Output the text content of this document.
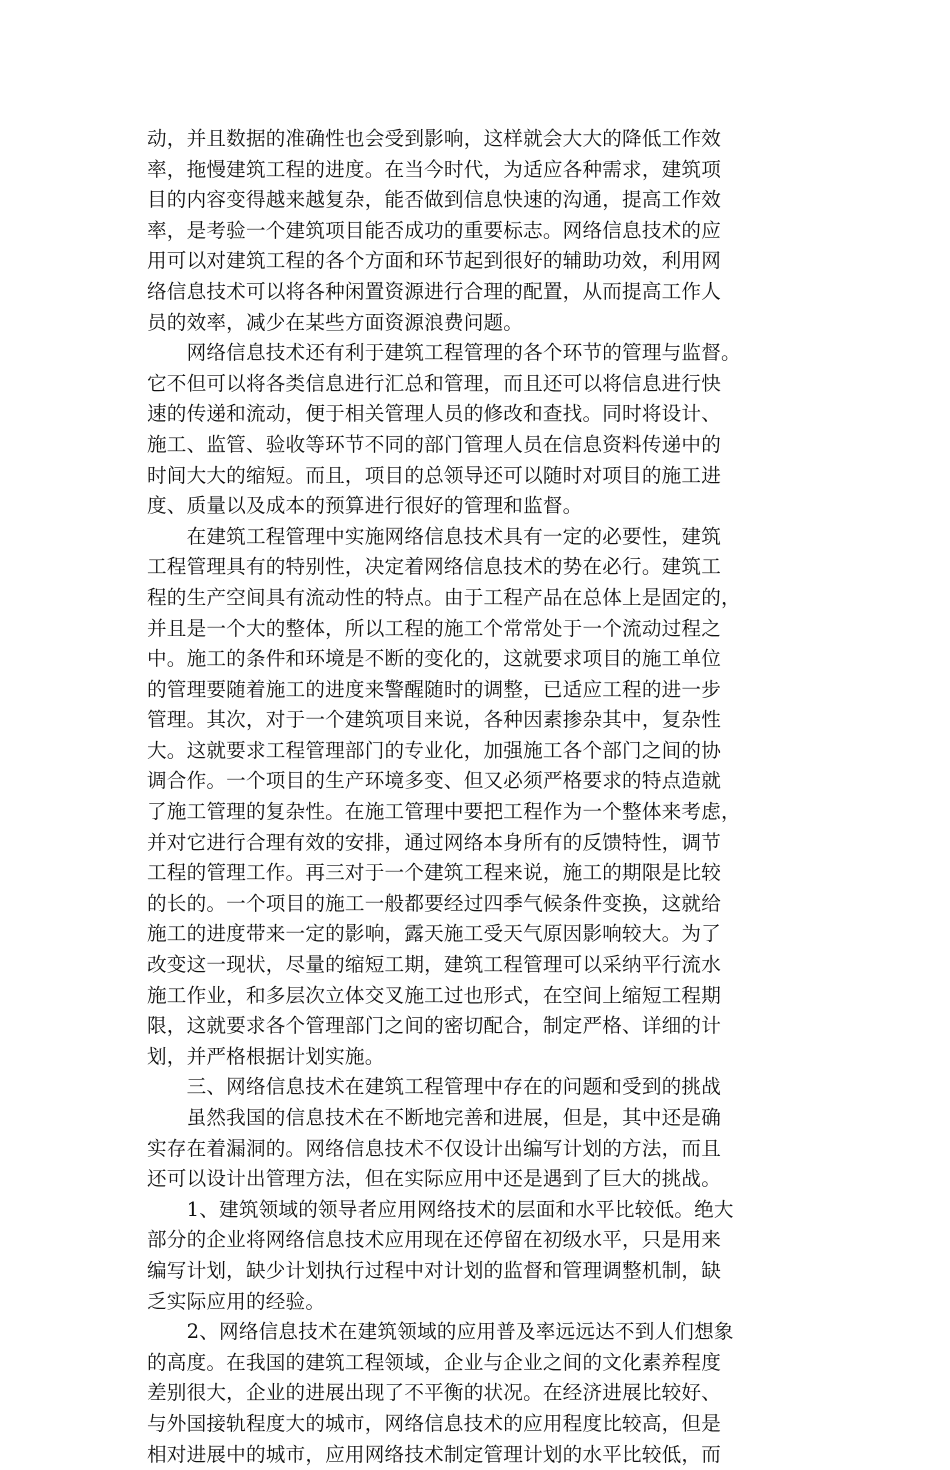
动，并且数据的准确性也会受到影响，这样就会大大的降低工作效
率，拖慢建筑工程的进度。在当今时代，为适应各种需求，建筑项
目的内容变得越来越复杂，能否做到信息快速的沟通，提高工作效
率，是考验一个建筑项目能否成功的重要标志。网络信息技术的应
用可以对建筑工程的各个方面和环节起到很好的辅助功效，利用网
络信息技术可以将各种闲置资源进行合理的配置，从而提高工作人
员的效率，减少在某些方面资源浪费问题。
　　网络信息技术还有利于建筑工程管理的各个环节的管理与监督。
它不但可以将各类信息进行汇总和管理，而且还可以将信息进行快
速的传递和流动，便于相关管理人员的修改和查找。同时将设计、
施工、监管、验收等环节不同的部门管理人员在信息资料传递中的
时间大大的缩短。而且，项目的总领导还可以随时对项目的施工进
度、质量以及成本的预算进行很好的管理和监督。
　　在建筑工程管理中实施网络信息技术具有一定的必要性，建筑
工程管理具有的特别性，决定着网络信息技术的势在必行。建筑工
程的生产空间具有流动性的特点。由于工程产品在总体上是固定的，
并且是一个大的整体，所以工程的施工个常常处于一个流动过程之
中。施工的条件和环境是不断的变化的，这就要求项目的施工单位
的管理要随着施工的进度来警醒随时的调整，已适应工程的进一步
管理。其次，对于一个建筑项目来说，各种因素掺杂其中，复杂性
大。这就要求工程管理部门的专业化，加强施工各个部门之间的协
调合作。一个项目的生产环境多变、但又必须严格要求的特点造就
了施工管理的复杂性。在施工管理中要把工程作为一个整体来考虑，
并对它进行合理有效的安排，通过网络本身所有的反馈特性，调节
工程的管理工作。再三对于一个建筑工程来说，施工的期限是比较
的长的。一个项目的施工一般都要经过四季气候条件变换，这就给
施工的进度带来一定的影响，露天施工受天气原因影响较大。为了
改变这一现状，尽量的缩短工期，建筑工程管理可以采纳平行流水
施工作业，和多层次立体交叉施工过也形式，在空间上缩短工程期
限，这就要求各个管理部门之间的密切配合，制定严格、详细的计
划，并严格根据计划实施。
　　三、网络信息技术在建筑工程管理中存在的问题和受到的挑战
　　虽然我国的信息技术在不断地完善和进展，但是，其中还是确
实存在着漏洞的。网络信息技术不仅设计出编写计划的方法，而且
还可以设计出管理方法，但在实际应用中还是遇到了巨大的挑战。
　　1、建筑领域的领导者应用网络技术的层面和水平比较低。绝大
部分的企业将网络信息技术应用现在还停留在初级水平，只是用来
编写计划，缺少计划执行过程中对计划的监督和管理调整机制，缺
乏实际应用的经验。
　　2、网络信息技术在建筑领域的应用普及率远远达不到人们想象
的高度。在我国的建筑工程领域，企业与企业之间的文化素养程度
差别很大，企业的进展出现了不平衡的状况。在经济进展比较好、
与外国接轨程度大的城市，网络信息技术的应用程度比较高，但是
相对进展中的城市，应用网络技术制定管理计划的水平比较低，而
